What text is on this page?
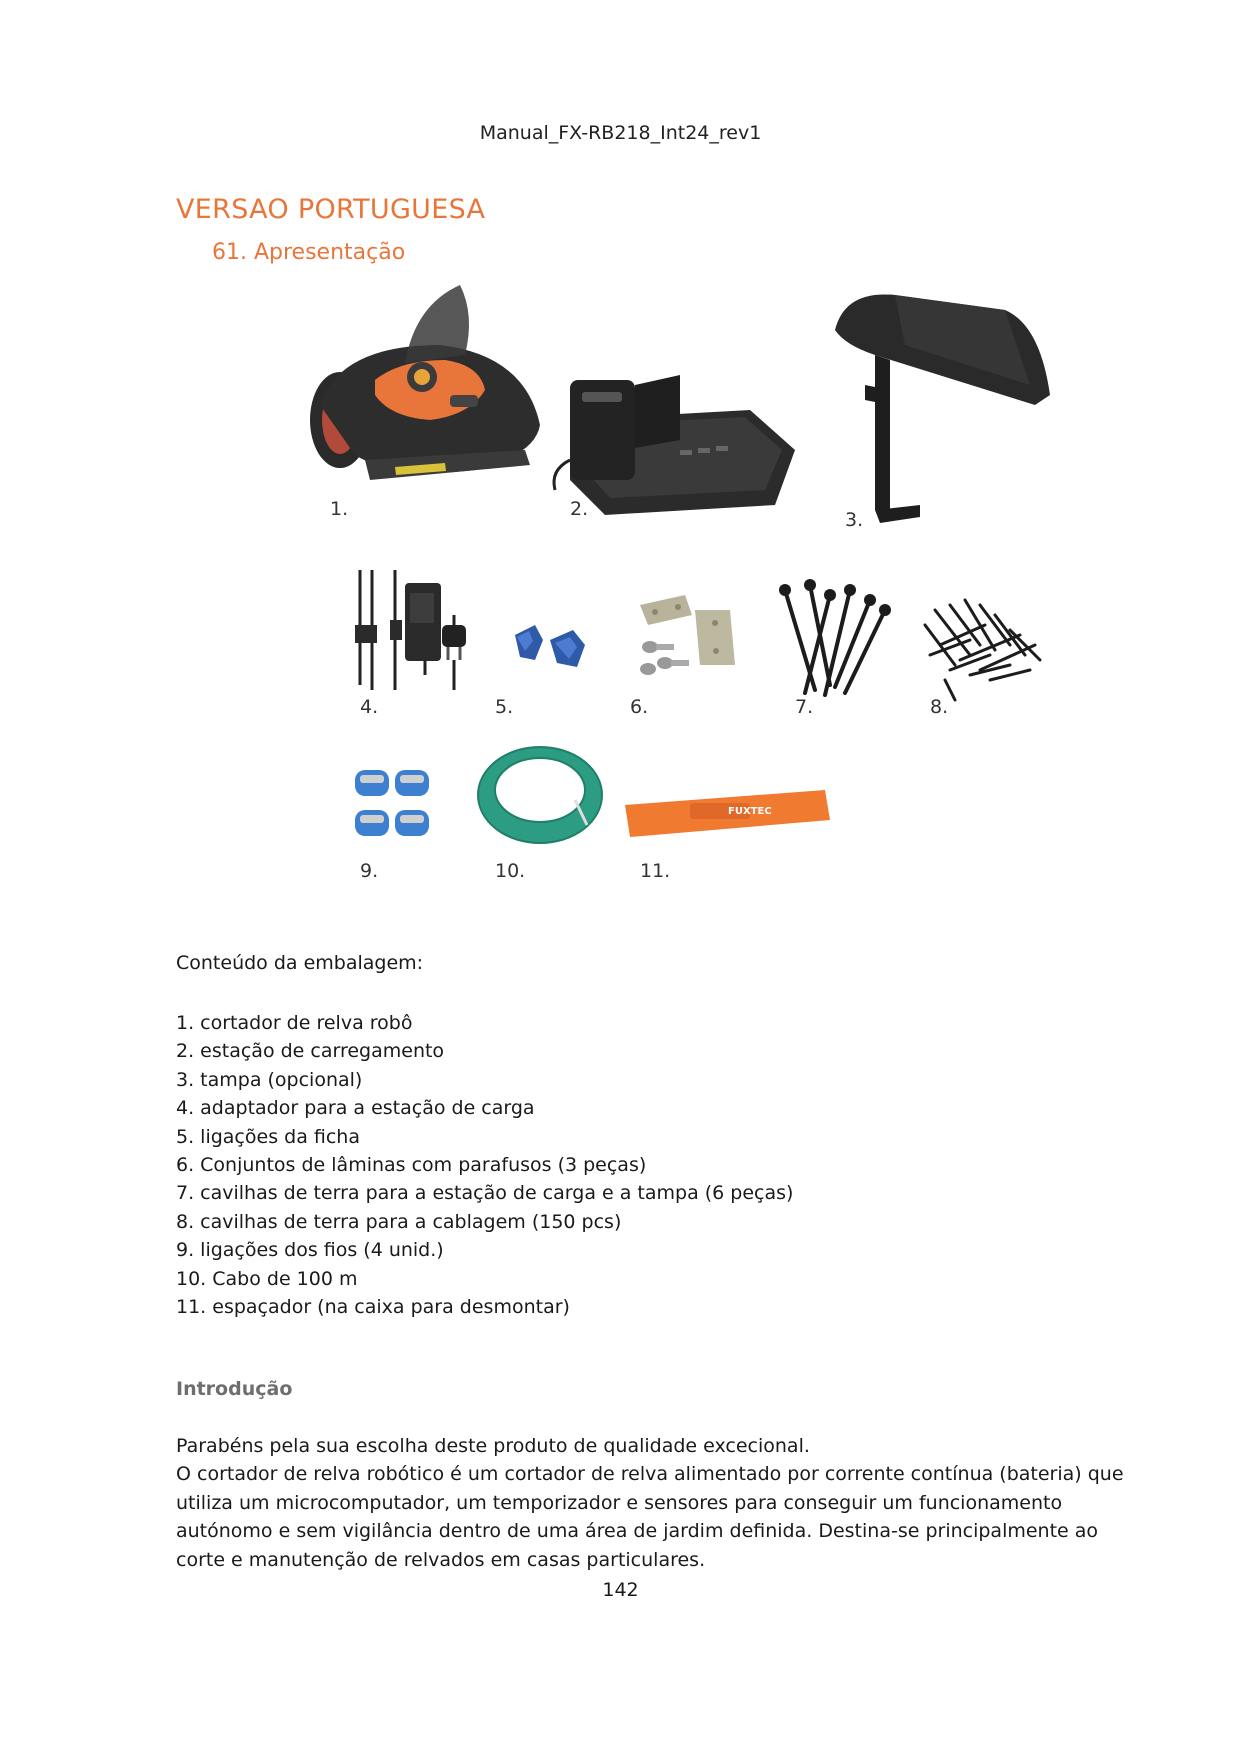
Manual_FX-RB218_Int24_rev1
VERSAO PORTUGUESA
61. Apresentação
1.	2.	3.
4.	5.	6.	7.	8.
9.	10.
FUXTEC
11.
Conteúdo da embalagem:
1. cortador de relva robô
2. estação de carregamento
3. tampa (opcional)
4. adaptador para a estação de carga
5. ligações da ficha
6. Conjuntos de lâminas com parafusos (3 peças)
7. cavilhas de terra para a estação de carga e a tampa (6 peças)
8. cavilhas de terra para a cablagem (150 pcs)
9. ligações dos fios (4 unid.)
10. Cabo de 100 m
11. espaçador (na caixa para desmontar)
Introdução

Parabéns pela sua escolha deste produto de qualidade excecional.
O cortador de relva robótico é um cortador de relva alimentado por corrente contínua (bateria) que
utiliza um microcomputador, um temporizador e sensores para conseguir um funcionamento
autónomo e sem vigilância dentro de uma área de jardim definida. Destina-se principalmente ao
corte e manutenção de relvados em casas particulares.

142
